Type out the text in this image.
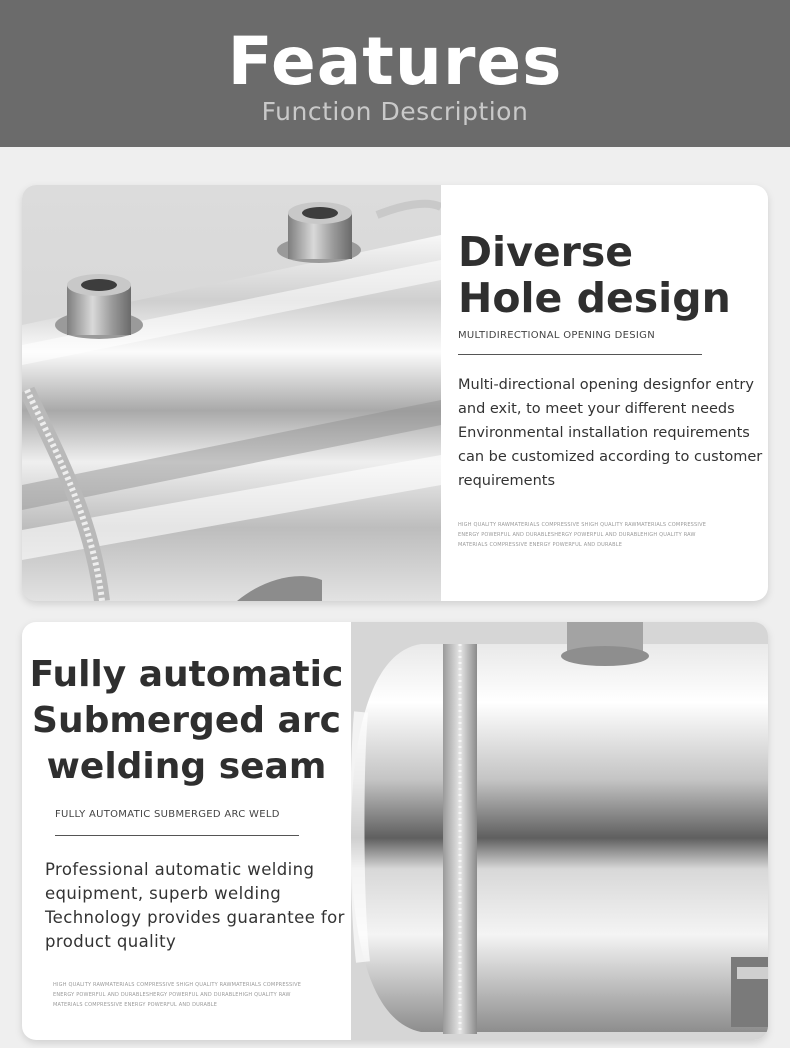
Features
Function Description
Diverse
Hole design
MULTIDIRECTIONAL OPENING DESIGN
Multi-directional opening designfor entry and exit, to meet your different needs Environmental installation requirements can be customized according to customer requirements
HIGH QUALITY RAWMATERIALS COMPRESSIVE SHIGH QUALITY RAWMATERIALS COMPRESSIVE ENERGY POWERFUL AND DURABLESHERGY POWERFUL AND DURABLEHIGH QUALITY RAW MATERIALS COMPRESSIVE ENERGY POWERFUL AND DURABLE
Fully automatic
Submerged arc
welding seam
FULLY AUTOMATIC SUBMERGED ARC WELD
Professional automatic welding equipment, superb welding Technology provides guarantee for product quality
HIGH QUALITY RAWMATERIALS COMPRESSIVE SHIGH QUALITY RAWMATERIALS COMPRESSIVE ENERGY POWERFUL AND DURABLESHERGY POWERFUL AND DURABLEHIGH QUALITY RAW MATERIALS COMPRESSIVE ENERGY POWERFUL AND DURABLE
